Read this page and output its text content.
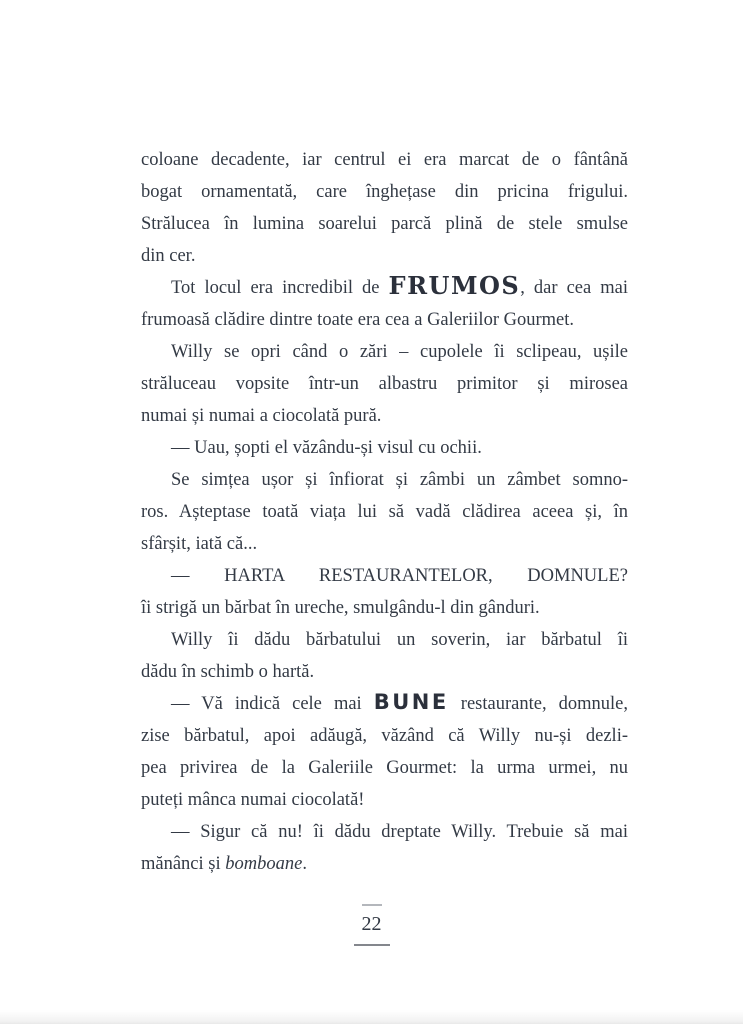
coloane decadente, iar centrul ei era marcat de o fântână
bogat ornamentată, care înghețase din pricina frigului.
Strălucea în lumina soarelui parcă plină de stele smulse
din cer.
Tot locul era incredibil de FRUMOS, dar cea mai
frumoasă clădire dintre toate era cea a Galeriilor Gourmet.
Willy se opri când o zări – cupolele îi sclipeau, ușile
străluceau vopsite într-un albastru primitor și mirosea
numai și numai a ciocolată pură.
— Uau, șopti el văzându-și visul cu ochii.
Se simțea ușor și înfiorat și zâmbi un zâmbet somno-
ros. Așteptase toată viața lui să vadă clădirea aceea și, în
sfârșit, iată că...
— HARTA RESTAURANTELOR, DOMNULE?
îi strigă un bărbat în ureche, smulgându-l din gânduri.
Willy îi dădu bărbatului un soverin, iar bărbatul îi
dădu în schimb o hartă.
— Vă indică cele mai BUNE restaurante, domnule,
zise bărbatul, apoi adăugă, văzând că Willy nu-și dezli-
pea privirea de la Galeriile Gourmet: la urma urmei, nu
puteți mânca numai ciocolată!
— Sigur că nu! îi dădu dreptate Willy. Trebuie să mai
mănânci și bomboane.
22
